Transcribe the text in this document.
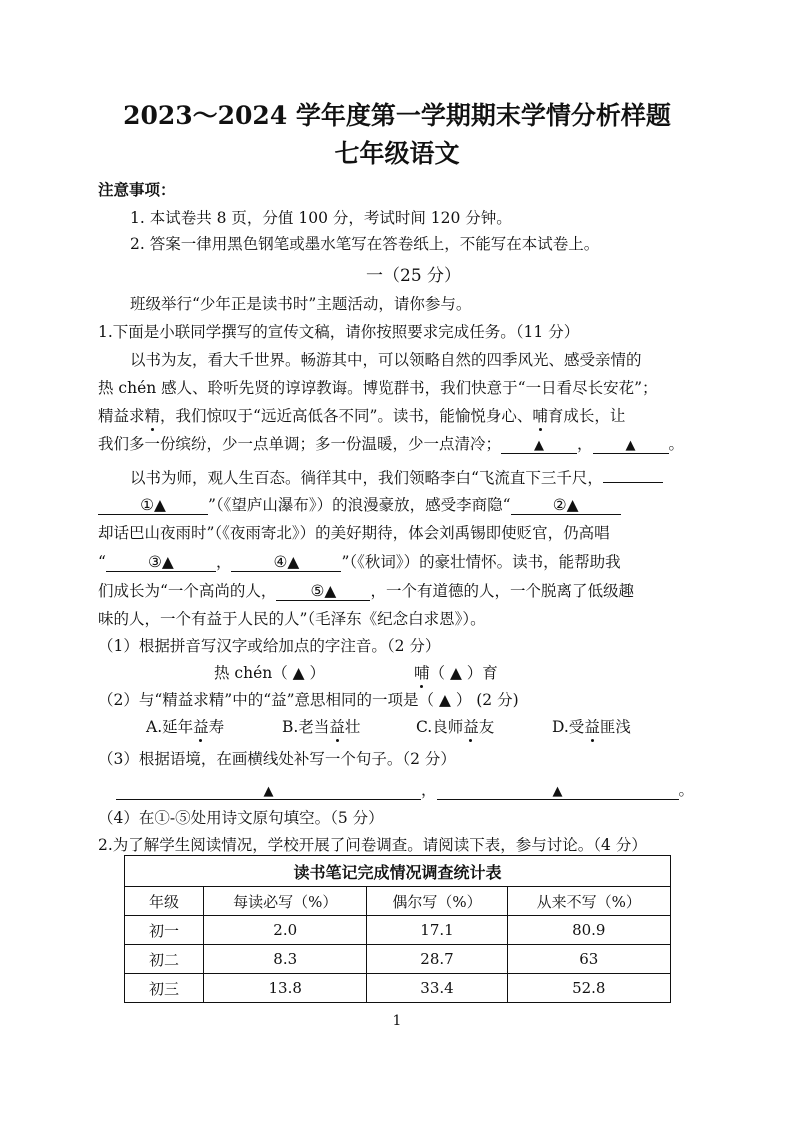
2023～2024 学年度第一学期期末学情分析样题
七年级语文
注意事项：
1. 本试卷共 8 页，分值 100 分，考试时间 120 分钟。
2. 答案一律用黑色钢笔或墨水笔写在答卷纸上，不能写在本试卷上。
一（25 分）
班级举行“少年正是读书时”主题活动，请你参与。
1.下面是小联同学撰写的宣传文稿，请你按照要求完成任务。（11 分）
以书为友，看大千世界。畅游其中，可以领略自然的四季风光、感受亲情的
热 chén 感人、聆听先贤的谆谆教诲。博览群书，我们快意于“一日看尽长安花”；
精益求精，我们惊叹于“远近高低各不同”。读书，能愉悦身心、哺育成长，让
我们多一份缤纷，少一点单调；多一份温暖，少一点清冷；	▲ ，	▲ 。
以书为师，观人生百态。徜徉其中，我们领略李白“飞流直下三千尺，
①▲	”（《望庐山瀑布》）的浪漫豪放，感受李商隐“	②▲
却话巴山夜雨时”（《夜雨寄北》）的美好期待，体会刘禹锡即使贬官，仍高唱
“	③▲	，	④▲	”（《秋词》）的豪壮情怀。读书，能帮助我
们成长为“一个高尚的人， ⑤▲ ，一个有道德的人，一个脱离了低级趣
味的人，一个有益于人民的人”（毛泽东《纪念白求恩》）。
（1）根据拼音写汉字或给加点的字注音。（2 分）
热 chén（ ▲ ）	哺（ ▲ ）育
（2）与“精益求精”中的“益”意思相同的一项是（ ▲ ） (2 分)
A.延年益寿	B.老当益壮	C.良师益友	D.受益匪浅
（3）根据语境，在画横线处补写一个句子。（2 分）
▲	，	▲	。
（4）在①-⑤处用诗文原句填空。（5 分）
2.为了解学生阅读情况，学校开展了问卷调查。请阅读下表，参与讨论。（4 分）
读书笔记完成情况调查统计表			
年级	每读必写（%）	偶尔写（%）	从来不写（%）
初一	2.0	17.1	80.9
初二	8.3	28.7	63
初三	13.8	33.4	52.8
1
